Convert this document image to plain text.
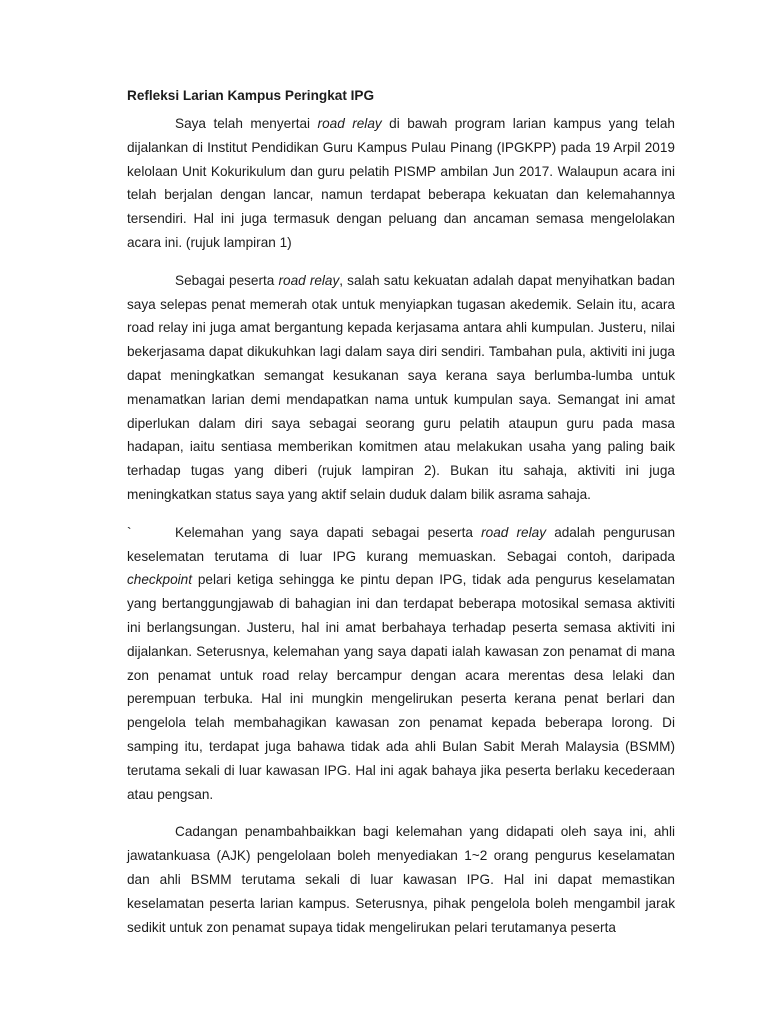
Refleksi Larian Kampus Peringkat IPG

Saya telah menyertai road relay di bawah program larian kampus yang telah dijalankan di Institut Pendidikan Guru Kampus Pulau Pinang (IPGKPP) pada 19 Arpil 2019 kelolaan Unit Kokurikulum dan guru pelatih PISMP ambilan Jun 2017. Walaupun acara ini telah berjalan dengan lancar, namun terdapat beberapa kekuatan dan kelemahannya tersendiri. Hal ini juga termasuk dengan peluang dan ancaman semasa mengelolakan acara ini. (rujuk lampiran 1)

Sebagai peserta road relay, salah satu kekuatan adalah dapat menyihatkan badan saya selepas penat memerah otak untuk menyiapkan tugasan akedemik. Selain itu, acara road relay ini juga amat bergantung kepada kerjasama antara ahli kumpulan. Justeru, nilai bekerjasama dapat dikukuhkan lagi dalam saya diri sendiri. Tambahan pula, aktiviti ini juga dapat meningkatkan semangat kesukanan saya kerana saya berlumba-lumba untuk menamatkan larian demi mendapatkan nama untuk kumpulan saya. Semangat ini amat diperlukan dalam diri saya sebagai seorang guru pelatih ataupun guru pada masa hadapan, iaitu sentiasa memberikan komitmen atau melakukan usaha yang paling baik terhadap tugas yang diberi (rujuk lampiran 2). Bukan itu sahaja, aktiviti ini juga meningkatkan status saya yang aktif selain duduk dalam bilik asrama sahaja.

`	Kelemahan yang saya dapati sebagai peserta road relay adalah pengurusan keselematan terutama di luar IPG kurang memuaskan. Sebagai contoh, daripada checkpoint pelari ketiga sehingga ke pintu depan IPG, tidak ada pengurus keselamatan yang bertanggungjawab di bahagian ini dan terdapat beberapa motosikal semasa aktiviti ini berlangsungan. Justeru, hal ini amat berbahaya terhadap peserta semasa aktiviti ini dijalankan. Seterusnya, kelemahan yang saya dapati ialah kawasan zon penamat di mana zon penamat untuk road relay bercampur dengan acara merentas desa lelaki dan perempuan terbuka. Hal ini mungkin mengelirukan peserta kerana penat berlari dan pengelola telah membahagikan kawasan zon penamat kepada beberapa lorong. Di samping itu, terdapat juga bahawa tidak ada ahli Bulan Sabit Merah Malaysia (BSMM) terutama sekali di luar kawasan IPG. Hal ini agak bahaya jika peserta berlaku kecederaan atau pengsan.

Cadangan penambahbaikkan bagi kelemahan yang didapati oleh saya ini, ahli jawatankuasa (AJK) pengelolaan boleh menyediakan 1~2 orang pengurus keselamatan dan ahli BSMM terutama sekali di luar kawasan IPG. Hal ini dapat memastikan keselamatan peserta larian kampus. Seterusnya, pihak pengelola boleh mengambil jarak sedikit untuk zon penamat supaya tidak mengelirukan pelari terutamanya peserta
